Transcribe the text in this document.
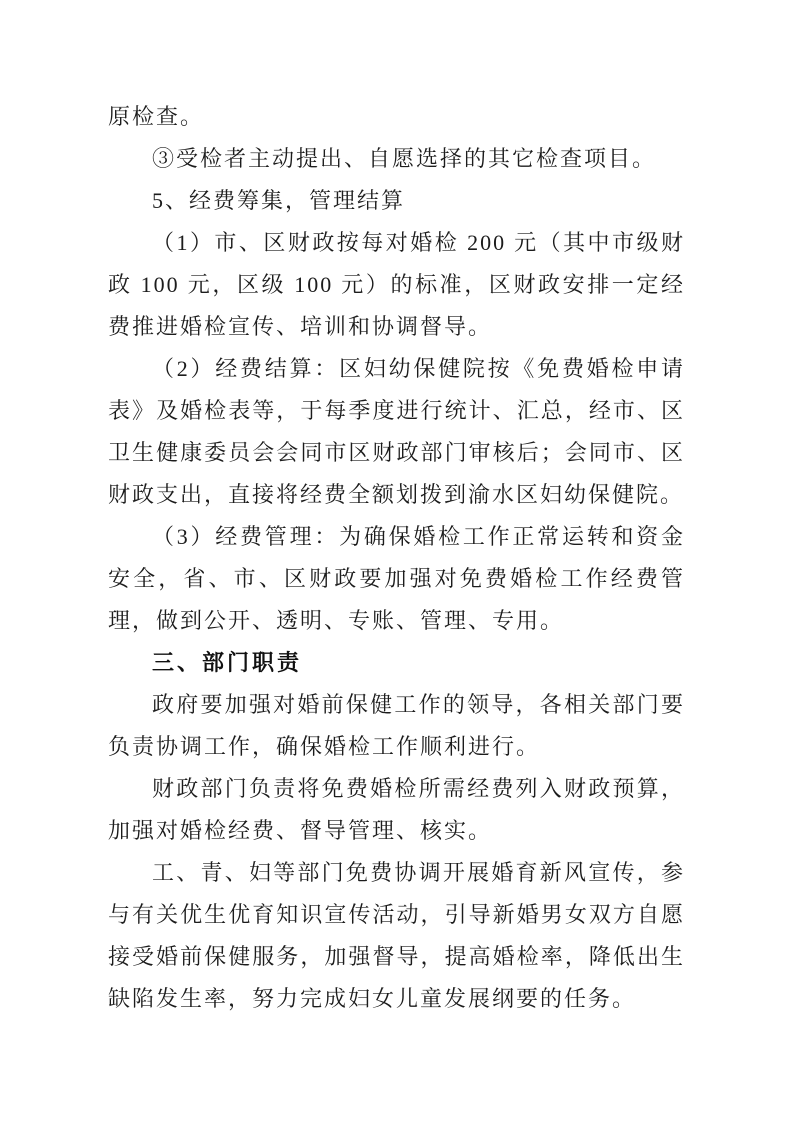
原检查。

③受检者主动提出、自愿选择的其它检查项目。

5、经费筹集，管理结算

（1）市、区财政按每对婚检 200 元（其中市级财政 100 元，区级 100 元）的标准，区财政安排一定经费推进婚检宣传、培训和协调督导。

（2）经费结算：区妇幼保健院按《免费婚检申请表》及婚检表等，于每季度进行统计、汇总，经市、区卫生健康委员会会同市区财政部门审核后；会同市、区财政支出，直接将经费全额划拨到渝水区妇幼保健院。

（3）经费管理：为确保婚检工作正常运转和资金安全，省、市、区财政要加强对免费婚检工作经费管理，做到公开、透明、专账、管理、专用。

三、部门职责

政府要加强对婚前保健工作的领导，各相关部门要负责协调工作，确保婚检工作顺利进行。

财政部门负责将免费婚检所需经费列入财政预算，加强对婚检经费、督导管理、核实。

工、青、妇等部门免费协调开展婚育新风宣传，参与有关优生优育知识宣传活动，引导新婚男女双方自愿接受婚前保健服务，加强督导，提高婚检率，降低出生缺陷发生率，努力完成妇女儿童发展纲要的任务。
